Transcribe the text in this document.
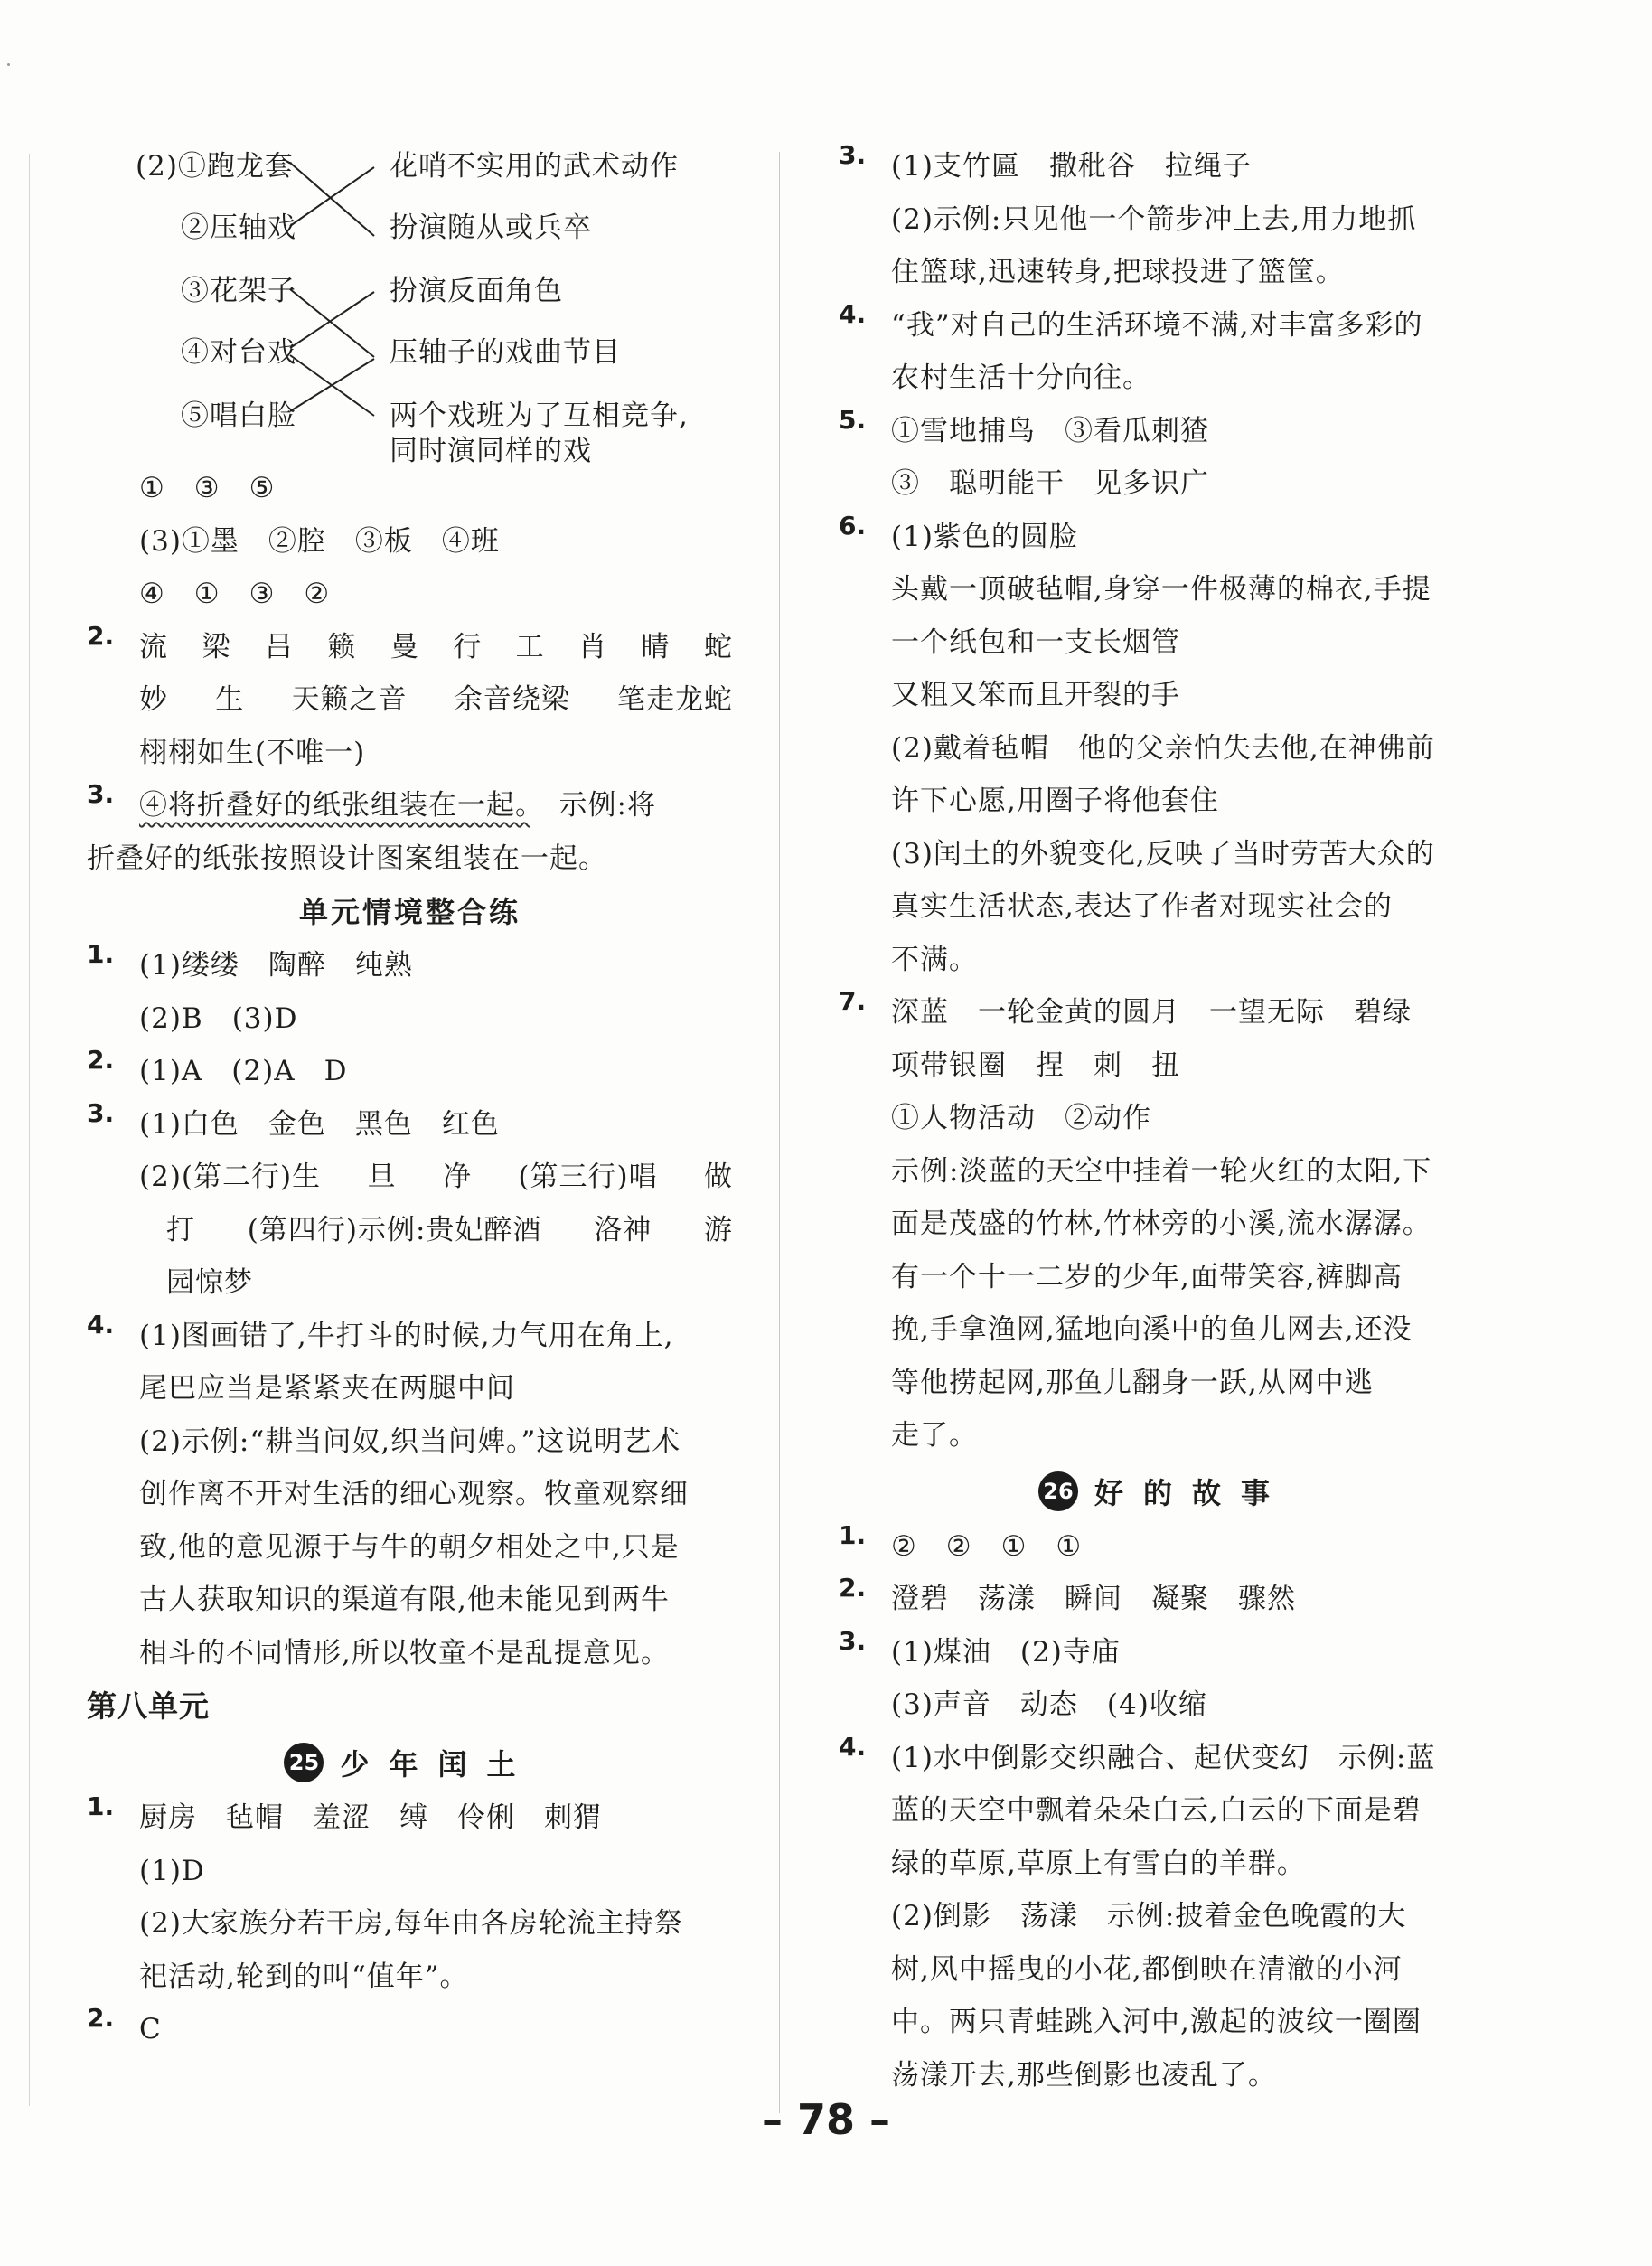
(2)①跑龙套
②压轴戏
③花架子
④对台戏
⑤唱白脸
花哨不实用的武术动作
扮演随从或兵卒
扮演反面角色
压轴子的戏曲节目
两个戏班为了互相竞争,
同时演同样的戏
①　③　⑤
(3)①墨　②腔　③板　④班
④　①　③　②
2. 流 梁 吕 籁 曼 行 工 肖 睛 蛇
妙 生 天籁之音 余音绕梁 笔走龙蛇
栩栩如生(不唯一)
3. ④将折叠好的纸张组装在一起。　示例:将
折叠好的纸张按照设计图案组装在一起。
单元情境整合练
1. (1)缕缕　陶醉　纯熟
(2)B　(3)D
2. (1)A　(2)A　D
3. (1)白色　金色　黑色　红色
(2)(第二行)生 旦 净 (第三行)唱 做
打 (第四行)示例:贵妃醉酒 洛神 游
园惊梦
4. (1)图画错了,牛打斗的时候,力气用在角上,
尾巴应当是紧紧夹在两腿中间
(2)示例:“耕当问奴,织当问婢。”这说明艺术
创作离不开对生活的细心观察。牧童观察细
致,他的意见源于与牛的朝夕相处之中,只是
古人获取知识的渠道有限,他未能见到两牛
相斗的不同情形,所以牧童不是乱提意见。
第八单元
25 少年闰土
1. 厨房　毡帽　羞涩　缚　伶俐　刺猬
(1)D
(2)大家族分若干房,每年由各房轮流主持祭
祀活动,轮到的叫“值年”。
2. C
3. (1)支竹匾　撒秕谷　拉绳子
(2)示例:只见他一个箭步冲上去,用力地抓
住篮球,迅速转身,把球投进了篮筐。
4. “我”对自己的生活环境不满,对丰富多彩的
农村生活十分向往。
5. ①雪地捕鸟　③看瓜刺猹
③　聪明能干　见多识广
6. (1)紫色的圆脸
头戴一顶破毡帽,身穿一件极薄的棉衣,手提
一个纸包和一支长烟管
又粗又笨而且开裂的手
(2)戴着毡帽　他的父亲怕失去他,在神佛前
许下心愿,用圈子将他套住
(3)闰土的外貌变化,反映了当时劳苦大众的
真实生活状态,表达了作者对现实社会的
不满。
7. 深蓝　一轮金黄的圆月　一望无际　碧绿
项带银圈　捏　刺　扭
①人物活动　②动作
示例:淡蓝的天空中挂着一轮火红的太阳,下
面是茂盛的竹林,竹林旁的小溪,流水潺潺。
有一个十一二岁的少年,面带笑容,裤脚高
挽,手拿渔网,猛地向溪中的鱼儿网去,还没
等他捞起网,那鱼儿翻身一跃,从网中逃
走了。
26 好的故事
1. ②　②　①　①
2. 澄碧　荡漾　瞬间　凝聚　骤然
3. (1)煤油　(2)寺庙
(3)声音　动态　(4)收缩
4. (1)水中倒影交织融合、起伏变幻　示例:蓝
蓝的天空中飘着朵朵白云,白云的下面是碧
绿的草原,草原上有雪白的羊群。
(2)倒影　荡漾　示例:披着金色晚霞的大
树,风中摇曳的小花,都倒映在清澈的小河
中。两只青蛙跳入河中,激起的波纹一圈圈
荡漾开去,那些倒影也凌乱了。
– 78 –
